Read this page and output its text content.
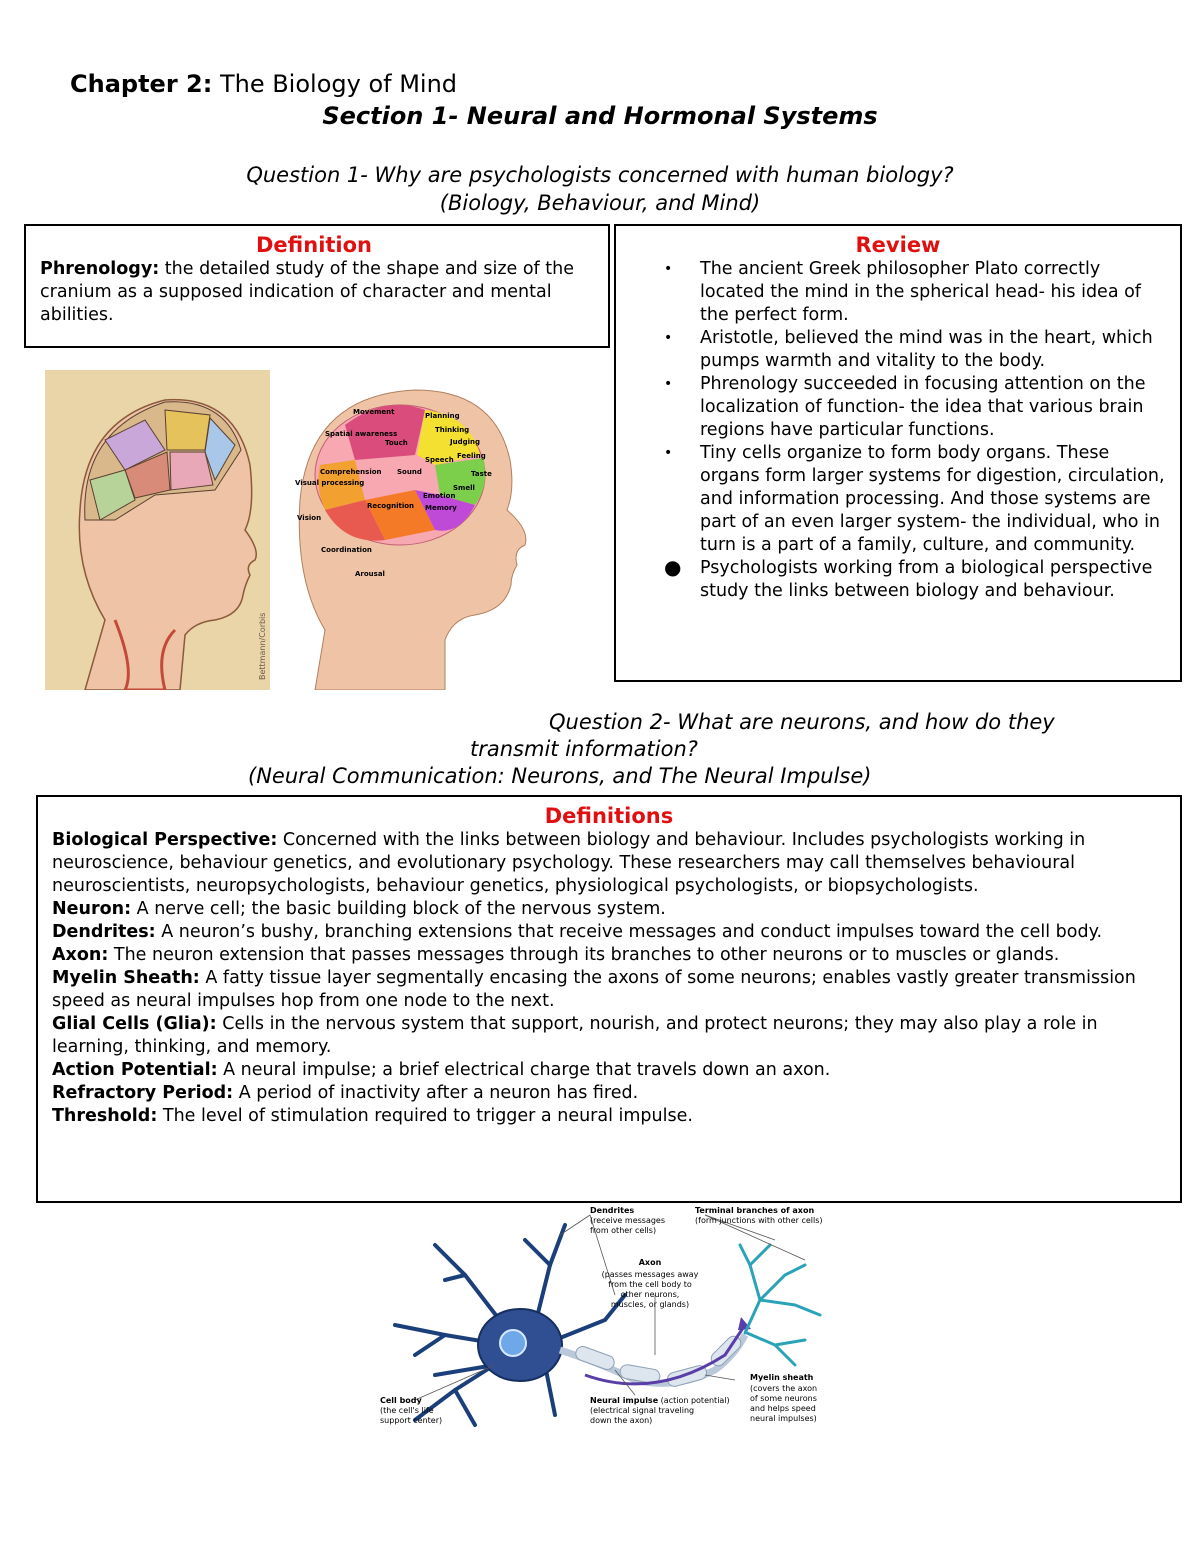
Chapter 2: The Biology of Mind
Section 1- Neural and Hormonal Systems
Question 1- Why are psychologists concerned with human biology?
(Biology, Behaviour, and Mind)
Definition
Phrenology: the detailed study of the shape and size of the cranium as a supposed indication of character and mental abilities.
Review
• The ancient Greek philosopher Plato correctly located the mind in the spherical head- his idea of the perfect form.
• Aristotle, believed the mind was in the heart, which pumps warmth and vitality to the body.
• Phrenology succeeded in focusing attention on the localization of function- the idea that various brain regions have particular functions.
• Tiny cells organize to form body organs. These organs form larger systems for digestion, circulation, and information processing. And those systems are part of an even larger system- the individual, who in turn is a part of a family, culture, and community.
● Psychologists working from a biological perspective study the links between biology and behaviour.
Bettmann/Corbis
Movement	Planning
Spatial awareness
Touch
Thinking
Judging
Speech Feeling
Comprehension Sound	Taste
Visual processing
Smell
Recognition
Emotion
Memory
Vision
Coordination
Arousal
Question 2- What are neurons, and how do they
transmit information?
(Neural Communication: Neurons, and The Neural Impulse)
Definitions

Biological Perspective: Concerned with the links between biology and behaviour. Includes psychologists working in neuroscience, behaviour genetics, and evolutionary psychology. These researchers may call themselves behavioural neuroscientists, neuropsychologists, behaviour genetics, physiological psychologists, or biopsychologists.

Neuron: A nerve cell; the basic building block of the nervous system.

Dendrites: A neuron’s bushy, branching extensions that receive messages and conduct impulses toward the cell body.

Axon: The neuron extension that passes messages through its branches to other neurons or to muscles or glands.

Myelin Sheath: A fatty tissue layer segmentally encasing the axons of some neurons; enables vastly greater transmission speed as neural impulses hop from one node to the next.

Glial Cells (Glia): Cells in the nervous system that support, nourish, and protect neurons; they may also play a role in learning, thinking, and memory.

Action Potential: A neural impulse; a brief electrical charge that travels down an axon.

Refractory Period: A period of inactivity after a neuron has fired.

Threshold: The level of stimulation required to trigger a neural impulse.

Dendrites
(receive messages
from other cells)
Terminal branches of axon
(form junctions with other cells)
Axon
(passes messages away
from the cell body to
other neurons,
muscles, or glands)
Myelin sheath
(covers the axon
of some neurons
and helps speed
neural impulses)
Neural impulse (action potential)
(electrical signal traveling
down the axon)
Cell body
(the cell's life
support center)
